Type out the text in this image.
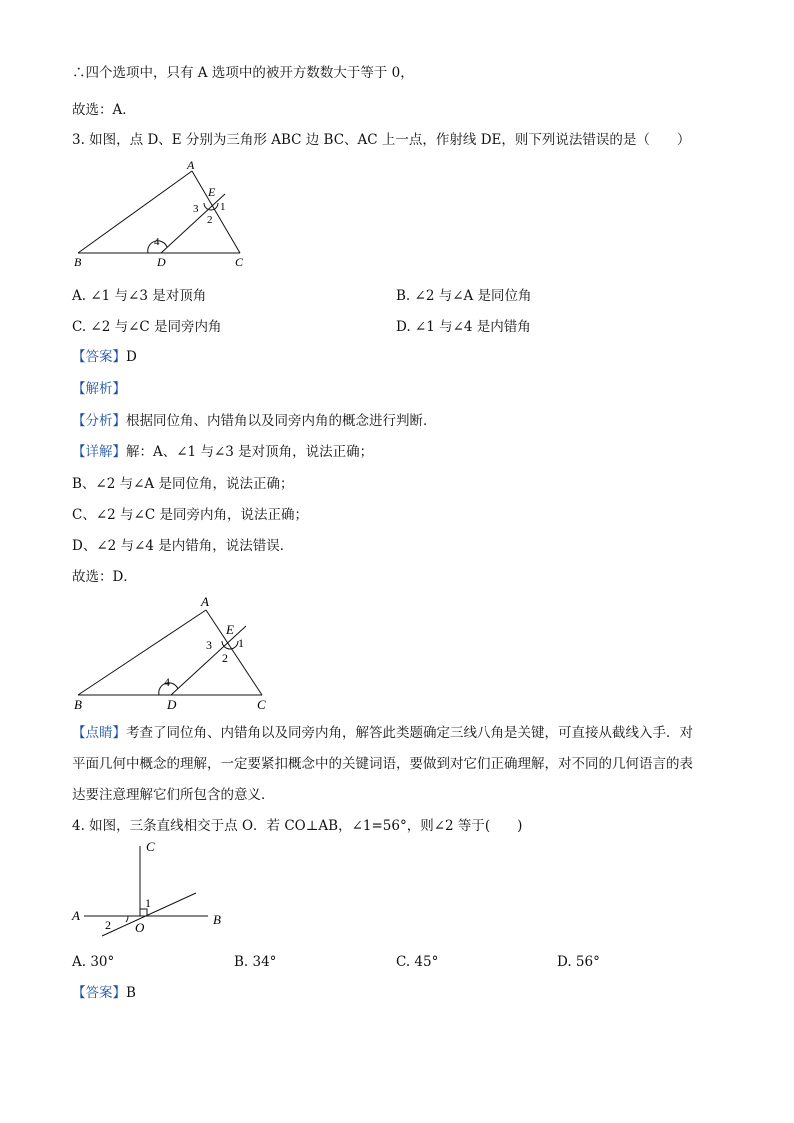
∴四个选项中，只有 A 选项中的被开方数数大于等于 0，
故选：A．
3. 如图，点 D、E 分别为三角形 ABC 边 BC、AC 上一点，作射线 DE，则下列说法错误的是（　　）
A
E
3 1
2
4
B	D	C
A. ∠1 与∠3 是对顶角	B. ∠2 与∠A 是同位角
C. ∠2 与∠C 是同旁内角	D. ∠1 与∠4 是内错角
【答案】D
【解析】
【分析】根据同位角、内错角以及同旁内角的概念进行判断．
【详解】解：A、∠1 与∠3 是对顶角，说法正确；
B、∠2 与∠A 是同位角，说法正确；
C、∠2 与∠C 是同旁内角，说法正确；
D、∠2 与∠4 是内错角，说法错误．
故选：D．
A
E
3 1
2
4
B	D	C
【点睛】考查了同位角、内错角以及同旁内角，解答此类题确定三线八角是关键，可直接从截线入手．对
平面几何中概念的理解，一定要紧扣概念中的关键词语，要做到对它们正确理解，对不同的几何语言的表
达要注意理解它们所包含的意义．
4. 如图，三条直线相交于点 O．若 CO⊥AB，∠1=56°，则∠2 等于(　　)
C
1
A	B
2 O
A. 30°	B. 34°	C. 45°	D. 56°
【答案】B
